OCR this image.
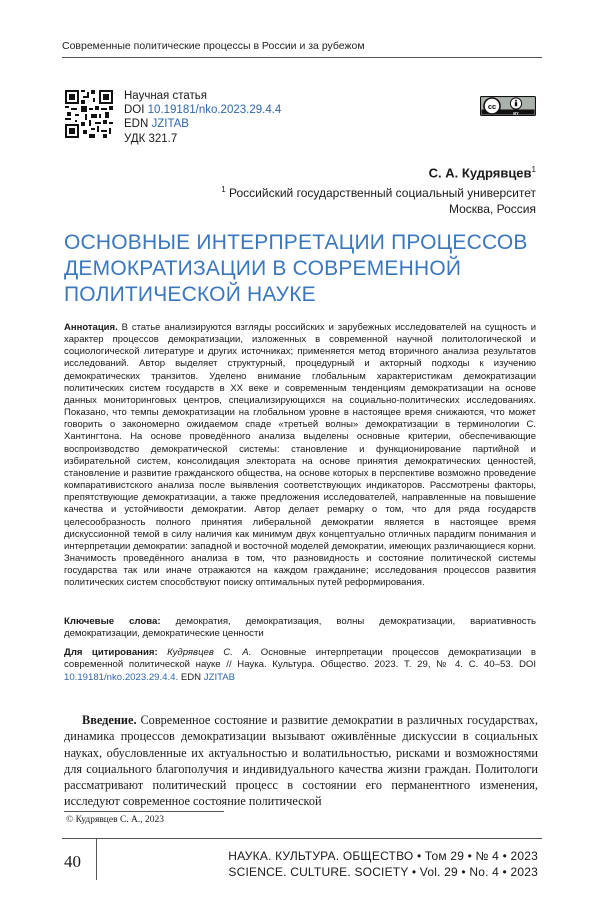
Современные политические процессы в России и за рубежом
Научная статья
DOI 10.19181/nko.2023.29.4.4
EDN JZITAB
УДК 321.7
cc
BY
С. А. Кудрявцев$^1$
$^1$ Российский государственный социальный университет
Москва, Россия
ОСНОВНЫЕ ИНТЕРПРЕТАЦИИ ПРОЦЕССОВ
ДЕМОКРАТИЗАЦИИ В СОВРЕМЕННОЙ
ПОЛИТИЧЕСКОЙ НАУКЕ

Аннотация. В статье анализируются взгляды российских и зарубежных исследователей на сущность и характер процессов демократизации, изложенных в современной научной политологической и социологической литературе и других источниках; применяется метод вторичного анализа результатов исследований. Автор выделяет структурный, процедурный и акторный подходы к изучению демократических транзитов. Уделено внимание глобальным характеристикам демократизации политических систем государств в XX веке и современным тенденциям демократизации на основе данных мониторинговых центров, специализирующихся на социально-политических исследованиях. Показано, что темпы демократизации на глобальном уровне в настоящее время снижаются, что может говорить о закономерно ожидаемом спаде «третьей волны» демократизации в терминологии С. Хантингтона. На основе проведённого анализа выделены основные критерии, обеспечивающие воспроизводство демократической системы: становление и функционирование партийной и избирательной систем, консолидация электората на основе принятия демократических ценностей, становление и развитие гражданского общества, на основе которых в перспективе возможно проведение компаративистского анализа после выявления соответствующих индикаторов. Рассмотрены факторы, препятствующие демократизации, а также предложения исследователей, направленные на повышение качества и устойчивости демократии. Автор делает ремарку о том, что для ряда государств целесообразность полного принятия либеральной демократии является в настоящее время дискуссионной темой в силу наличия как минимум двух концептуально отличных парадигм понимания и интерпретации демократии: западной и восточной моделей демократии, имеющих различающиеся корни. Значимость проведённого анализа в том, что разновидность и состояние политической системы государства так или иначе отражаются на каждом гражданине; исследования процессов развития политических систем способствуют поиску оптимальных путей реформирования.

Ключевые слова: демократия, демократизация, волны демократизации, вариативность демократизации, демократические ценности

Для цитирования: Кудрявцев С. А. Основные интерпретации процессов демократизации в современной политической науке // Наука. Культура. Общество. 2023. Т. 29, № 4. С. 40–53. DOI 10.19181/nko.2023.29.4.4. EDN JZITAB

Введение. Современное состояние и развитие демократии в различных государствах, динамика процессов демократизации вызывают оживлённые дискуссии в социальных науках, обусловленные их актуальностью и волатильностью, рисками и возможностями для социального благополучия и индивидуального качества жизни граждан. Политологи рассматривают политический процесс в состоянии его перманентного изменения, исследуют современное состояние политической

© Кудрявцев С. А., 2023
40	НАУКА. КУЛЬТУРА. ОБЩЕСТВО • Том 29 • № 4 • 2023
SCIENCE. CULTURE. SOCIETY • Vol. 29 • No. 4 • 2023
